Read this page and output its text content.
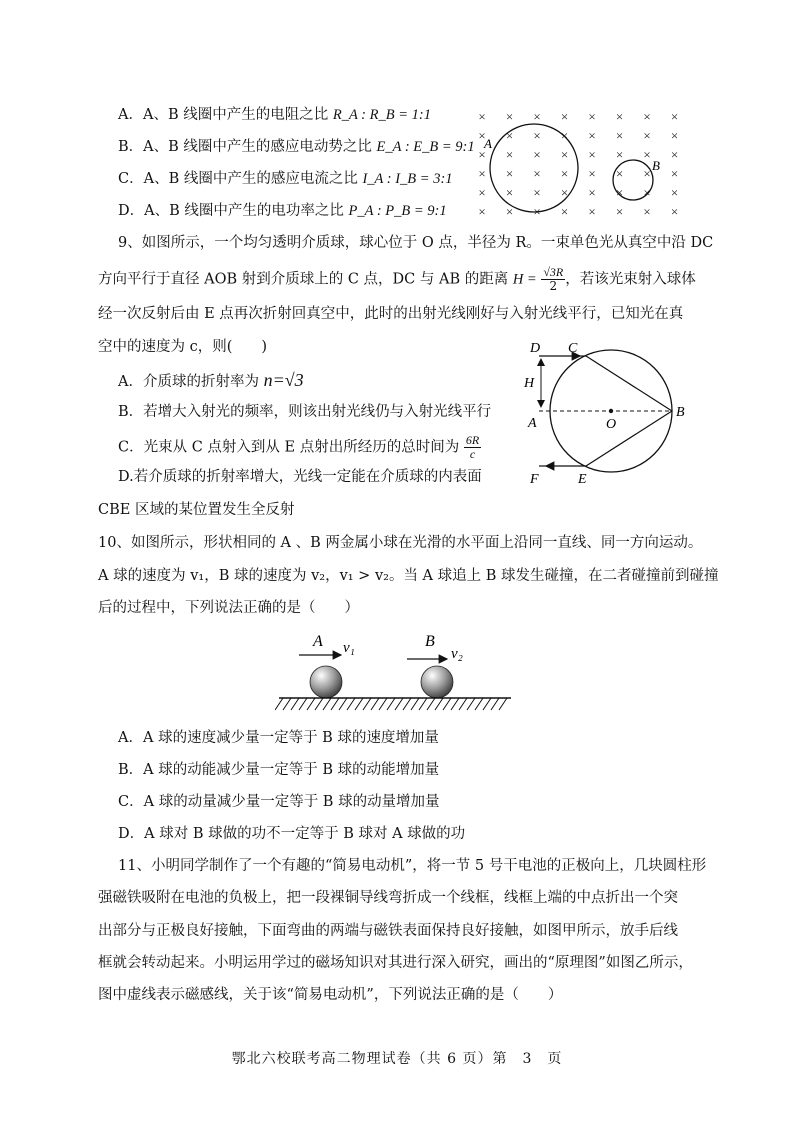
A．A、B 线圈中产生的电阻之比 R_A : R_B = 1:1
B．A、B 线圈中产生的感应电动势之比 E_A : E_B = 9:1
C．A、B 线圈中产生的感应电流之比 I_A : I_B = 3:1
D．A、B 线圈中产生的电功率之比 P_A : P_B = 9:1
× × × × × × × ×
× × × × × × × ×
× × × × × × × ×
× × × × × × × ×
× × × × × × × ×
× × × × × × × ×
A
B
9、如图所示，一个均匀透明介质球，球心位于 O 点，半径为 R。一束单色光从真空中沿 DC
方向平行于直径 AOB 射到介质球上的 C 点，DC 与 AB 的距离 $H = \frac{√3R}{2}$ ，若该光束射入球体
经一次反射后由 E 点再次折射回真空中，此时的出射光线刚好与入射光线平行，已知光在真
空中的速度为 c，则(　　)
A．介质球的折射率为 n=√3
B．若增大入射光的频率，则该出射光线仍与入射光线平行
C．光束从 C 点射入到从 E 点射出所经历的总时间为 $\frac{6R}{c}$
D.若介质球的折射率增大，光线一定能在介质球的内表面
CBE 区域的某位置发生全反射
D C
H
A	O
B
F	E
10、如图所示，形状相同的 A 、B 两金属小球在光滑的水平面上沿同一直线、同一方向运动。
A 球的速度为 v₁，B 球的速度为 v₂，v₁ > v₂。当 A 球追上 B 球发生碰撞，在二者碰撞前到碰撞
后的过程中，下列说法正确的是（　　）
A v₁	B
v₂
A．A 球的速度减少量一定等于 B 球的速度增加量
B．A 球的动能减少量一定等于 B 球的动能增加量
C．A 球的动量减少量一定等于 B 球的动量增加量
D．A 球对 B 球做的功不一定等于 B 球对 A 球做的功
11、小明同学制作了一个有趣的“简易电动机”，将一节 5 号干电池的正极向上，几块圆柱形
强磁铁吸附在电池的负极上，把一段裸铜导线弯折成一个线框，线框上端的中点折出一个突
出部分与正极良好接触，下面弯曲的两端与磁铁表面保持良好接触，如图甲所示，放手后线
框就会转动起来。小明运用学过的磁场知识对其进行深入研究，画出的“原理图”如图乙所示，
图中虚线表示磁感线，关于该“简易电动机”，下列说法正确的是（　　）
鄂北六校联考高二物理试卷（共 6 页）第　3　页
